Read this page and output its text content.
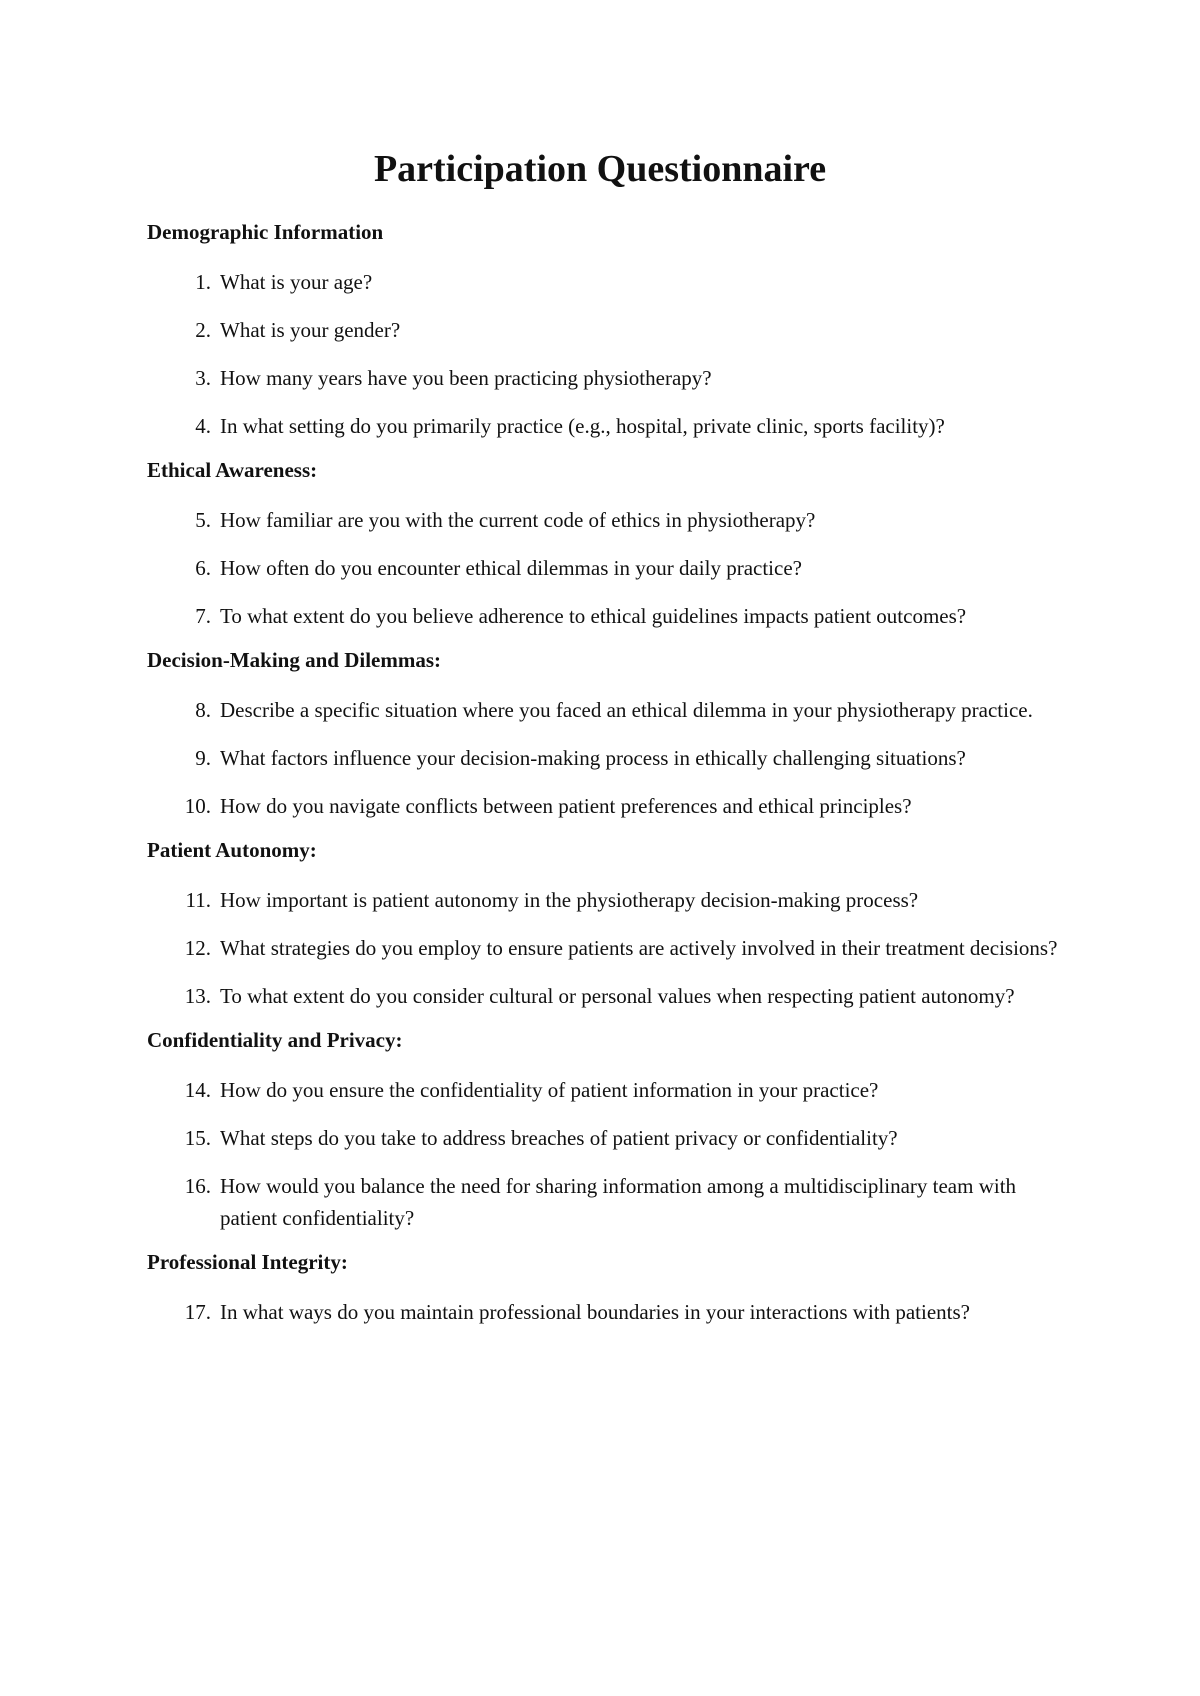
Participation Questionnaire
Demographic Information
1. What is your age?
2. What is your gender?
3. How many years have you been practicing physiotherapy?
4. In what setting do you primarily practice (e.g., hospital, private clinic, sports facility)?
Ethical Awareness:
5. How familiar are you with the current code of ethics in physiotherapy?
6. How often do you encounter ethical dilemmas in your daily practice?
7. To what extent do you believe adherence to ethical guidelines impacts patient outcomes?
Decision-Making and Dilemmas:
8. Describe a specific situation where you faced an ethical dilemma in your physiotherapy practice.
9. What factors influence your decision-making process in ethically challenging situations?
10. How do you navigate conflicts between patient preferences and ethical principles?
Patient Autonomy:
11. How important is patient autonomy in the physiotherapy decision-making process?
12. What strategies do you employ to ensure patients are actively involved in their treatment decisions?
13. To what extent do you consider cultural or personal values when respecting patient autonomy?
Confidentiality and Privacy:
14. How do you ensure the confidentiality of patient information in your practice?
15. What steps do you take to address breaches of patient privacy or confidentiality?
16. How would you balance the need for sharing information among a multidisciplinary team with patient confidentiality?
Professional Integrity:
17. In what ways do you maintain professional boundaries in your interactions with patients?
